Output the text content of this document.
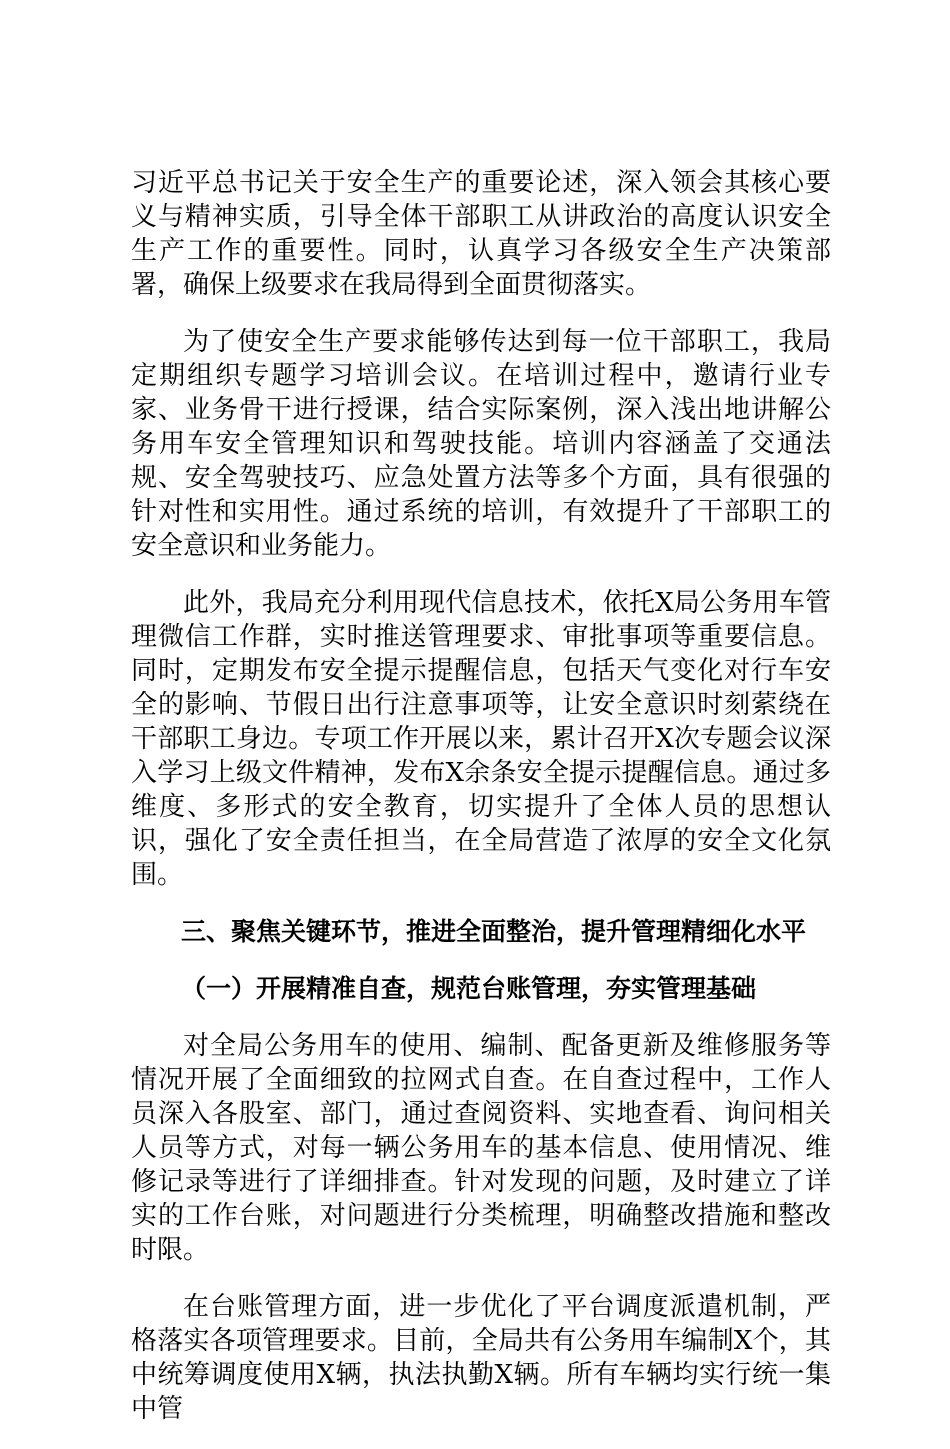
习近平总书记关于安全生产的重要论述，深入领会其核心要义与精神实质，引导全体干部职工从讲政治的高度认识安全生产工作的重要性。同时，认真学习各级安全生产决策部署，确保上级要求在我局得到全面贯彻落实。

为了使安全生产要求能够传达到每一位干部职工，我局定期组织专题学习培训会议。在培训过程中，邀请行业专家、业务骨干进行授课，结合实际案例，深入浅出地讲解公务用车安全管理知识和驾驶技能。培训内容涵盖了交通法规、安全驾驶技巧、应急处置方法等多个方面，具有很强的针对性和实用性。通过系统的培训，有效提升了干部职工的安全意识和业务能力。

此外，我局充分利用现代信息技术，依托X局公务用车管理微信工作群，实时推送管理要求、审批事项等重要信息。同时，定期发布安全提示提醒信息，包括天气变化对行车安全的影响、节假日出行注意事项等，让安全意识时刻萦绕在干部职工身边。专项工作开展以来，累计召开X次专题会议深入学习上级文件精神，发布X余条安全提示提醒信息。通过多维度、多形式的安全教育，切实提升了全体人员的思想认识，强化了安全责任担当，在全局营造了浓厚的安全文化氛围。

三、聚焦关键环节，推进全面整治，提升管理精细化水平
（一）开展精准自查，规范台账管理，夯实管理基础

对全局公务用车的使用、编制、配备更新及维修服务等情况开展了全面细致的拉网式自查。在自查过程中，工作人员深入各股室、部门，通过查阅资料、实地查看、询问相关人员等方式，对每一辆公务用车的基本信息、使用情况、维修记录等进行了详细排查。针对发现的问题，及时建立了详实的工作台账，对问题进行分类梳理，明确整改措施和整改时限。

在台账管理方面，进一步优化了平台调度派遣机制，严格落实各项管理要求。目前，全局共有公务用车编制X个，其中统筹调度使用X辆，执法执勤X辆。所有车辆均实行统一集中管
